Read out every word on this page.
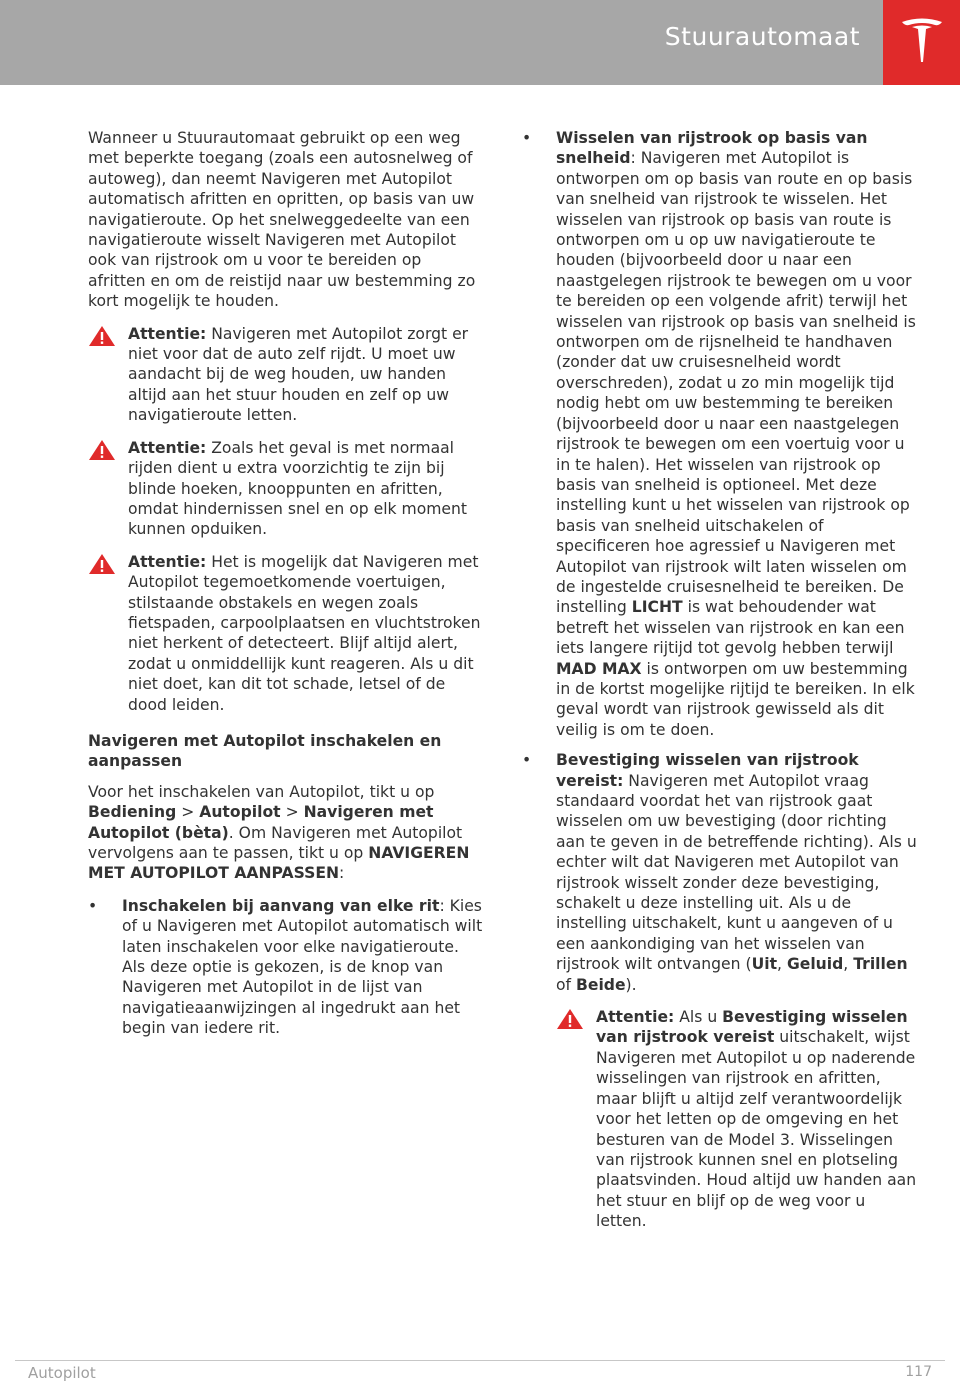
Stuurautomaat

Wanneer u Stuurautomaat gebruikt op een weg met beperkte toegang (zoals een autosnelweg of autoweg), dan neemt Navigeren met Autopilot automatisch afritten en opritten, op basis van uw navigatieroute. Op het snelweggedeelte van een navigatieroute wisselt Navigeren met Autopilot ook van rijstrook om u voor te bereiden op afritten en om de reistijd naar uw bestemming zo kort mogelijk te houden.

Attentie: Navigeren met Autopilot zorgt er niet voor dat de auto zelf rijdt. U moet uw aandacht bij de weg houden, uw handen altijd aan het stuur houden en zelf op uw navigatieroute letten.
Attentie: Zoals het geval is met normaal rijden dient u extra voorzichtig te zijn bij blinde hoeken, knooppunten en afritten, omdat hindernissen snel en op elk moment kunnen opduiken.
Attentie: Het is mogelijk dat Navigeren met Autopilot tegemoetkomende voertuigen, stilstaande obstakels en wegen zoals fietspaden, carpoolplaatsen en vluchtstroken niet herkent of detecteert. Blijf altijd alert, zodat u onmiddellijk kunt reageren. Als u dit niet doet, kan dit tot schade, letsel of de dood leiden.
Navigeren met Autopilot inschakelen en aanpassen

Voor het inschakelen van Autopilot, tikt u op Bediening > Autopilot > Navigeren met Autopilot (bèta). Om Navigeren met Autopilot vervolgens aan te passen, tikt u op NAVIGEREN MET AUTOPILOT AANPASSEN:

• Inschakelen bij aanvang van elke rit: Kies of u Navigeren met Autopilot automatisch wilt laten inschakelen voor elke navigatieroute. Als deze optie is gekozen, is de knop van Navigeren met Autopilot in de lijst van navigatieaanwijzingen al ingedrukt aan het begin van iedere rit.
• Wisselen van rijstrook op basis van snelheid: Navigeren met Autopilot is ontworpen om op basis van route en op basis van snelheid van rijstrook te wisselen. Het wisselen van rijstrook op basis van route is ontworpen om u op uw navigatieroute te houden (bijvoorbeeld door u naar een naastgelegen rijstrook te bewegen om u voor te bereiden op een volgende afrit) terwijl het wisselen van rijstrook op basis van snelheid is ontworpen om de rijsnelheid te handhaven (zonder dat uw cruisesnelheid wordt overschreden), zodat u zo min mogelijk tijd nodig hebt om uw bestemming te bereiken (bijvoorbeeld door u naar een naastgelegen rijstrook te bewegen om een voertuig voor u in te halen). Het wisselen van rijstrook op basis van snelheid is optioneel. Met deze instelling kunt u het wisselen van rijstrook op basis van snelheid uitschakelen of specificeren hoe agressief u Navigeren met Autopilot van rijstrook wilt laten wisselen om de ingestelde cruisesnelheid te bereiken. De instelling LICHT is wat behoudender wat betreft het wisselen van rijstrook en kan een iets langere rijtijd tot gevolg hebben terwijl MAD MAX is ontworpen om uw bestemming in de kortst mogelijke rijtijd te bereiken. In elk geval wordt van rijstrook gewisseld als dit veilig is om te doen.
• Bevestiging wisselen van rijstrook vereist: Navigeren met Autopilot vraag standaard voordat het van rijstrook gaat wisselen om uw bevestiging (door richting aan te geven in de betreffende richting). Als u echter wilt dat Navigeren met Autopilot van rijstrook wisselt zonder deze bevestiging, schakelt u deze instelling uit. Als u de instelling uitschakelt, kunt u aangeven of u een aankondiging van het wisselen van rijstrook wilt ontvangen (Uit, Geluid, Trillen of Beide).
Attentie: Als u Bevestiging wisselen van rijstrook vereist uitschakelt, wijst Navigeren met Autopilot u op naderende wisselingen van rijstrook en afritten, maar blijft u altijd zelf verantwoordelijk voor het letten op de omgeving en het besturen van de Model 3. Wisselingen van rijstrook kunnen snel en plotseling plaatsvinden. Houd altijd uw handen aan het stuur en blijf op de weg voor u letten.
Autopilot	117
